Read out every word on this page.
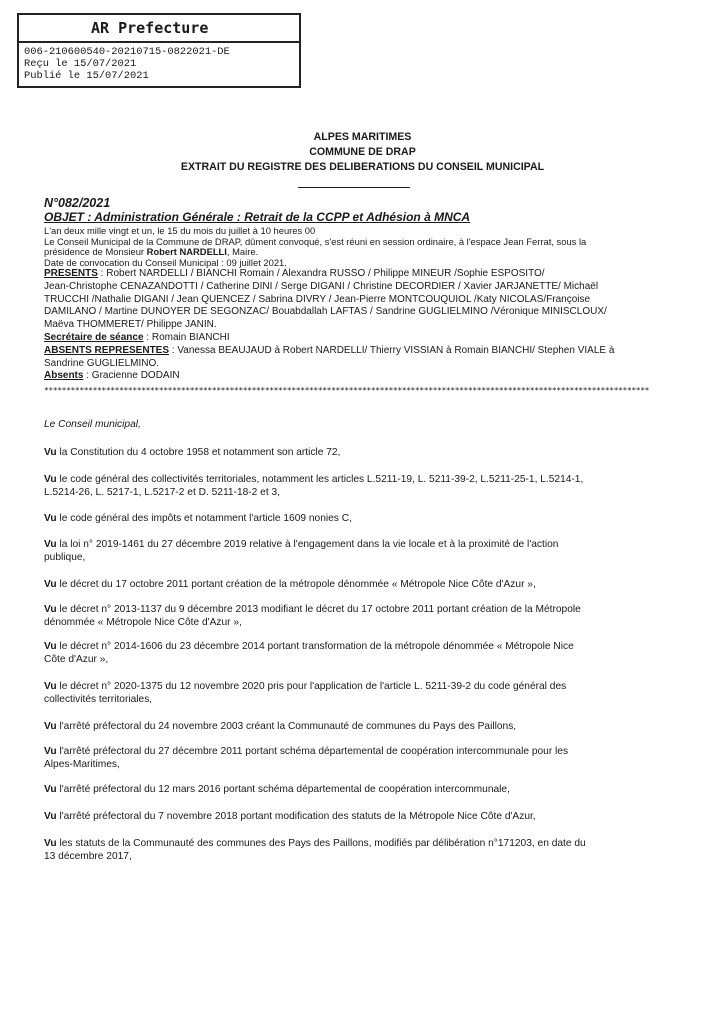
AR Prefecture
006-210600540-20210715-0822021-DE
Reçu le 15/07/2021
Publié le 15/07/2021
ALPES MARITIMES
COMMUNE DE DRAP
EXTRAIT DU REGISTRE DES DELIBERATIONS DU CONSEIL MUNICIPAL
N°082/2021
OBJET : Administration Générale : Retrait de la CCPP et Adhésion à MNCA
L'an deux mille vingt et un, le 15 du mois du juillet à 10 heures 00
Le Conseil Municipal de la Commune de DRAP, dûment convoqué, s'est réuni en session ordinaire, à l'espace Jean Ferrat, sous la
présidence de Monsieur Robert NARDELLI, Maire.
Date de convocation du Conseil Municipal : 09 juillet 2021.
PRESENTS : Robert NARDELLI / BIANCHI Romain / Alexandra RUSSO / Philippe MINEUR /Sophie ESPOSITO/
Jean-Christophe CENAZANDOTTI / Catherine DINI / Serge DIGANI / Christine DECORDIER / Xavier JARJANETTE/ Michaël
TRUCCHI /Nathalie DIGANI / Jean QUENCEZ / Sabrina DIVRY / Jean-Pierre MONTCOUQUIOL /Katy NICOLAS/Françoise
DAMILANO / Martine DUNOYER DE SEGONZAC/ Bouabdallah LAFTAS / Sandrine GUGLIELMINO /Véronique MINISCLOUX/
Maëva THOMMERET/ Philippe JANIN.
Secrétaire de séance : Romain BIANCHI
ABSENTS REPRESENTES : Vanessa BEAUJAUD à Robert NARDELLI/ Thierry VISSIAN à Romain BIANCHI/ Stephen VIALE à
Sandrine GUGLIELMINO.
Absents : Gracienne DODAIN
*****************************************************************************************************************************************
Le Conseil municipal,
Vu la Constitution du 4 octobre 1958 et notamment son article 72,
Vu le code général des collectivités territoriales, notamment les articles L.5211-19, L. 5211-39-2, L.5211-25-1, L.5214-1,
L.5214-26, L. 5217-1, L.5217-2 et D. 5211-18-2 et 3,
Vu le code général des impôts et notamment l'article 1609 nonies C,
Vu la loi n° 2019-1461 du 27 décembre 2019 relative à l'engagement dans la vie locale et à la proximité de l'action
publique,
Vu le décret du 17 octobre 2011 portant création de la métropole dénommée « Métropole Nice Côte d'Azur »,
Vu le décret n° 2013-1137 du 9 décembre 2013 modifiant le décret du 17 octobre 2011 portant création de la Métropole
dénommée « Métropole Nice Côte d'Azur »,
Vu le décret n° 2014-1606 du 23 décembre 2014 portant transformation de la métropole dénommée « Métropole Nice
Côte d'Azur »,
Vu le décret n° 2020-1375 du 12 novembre 2020 pris pour l'application de l'article L. 5211-39-2 du code général des
collectivités territoriales,
Vu l'arrêté préfectoral du 24 novembre 2003 créant la Communauté de communes du Pays des Paillons,
Vu l'arrêté préfectoral du 27 décembre 2011 portant schéma départemental de coopération intercommunale pour les
Alpes-Maritimes,
Vu l'arrêté préfectoral du 12 mars 2016 portant schéma départemental de coopération intercommunale,
Vu l'arrêté préfectoral du 7 novembre 2018 portant modification des statuts de la Métropole Nice Côte d'Azur,
Vu les statuts de la Communauté des communes des Pays des Paillons, modifiés par délibération n°171203, en date du
13 décembre 2017,
